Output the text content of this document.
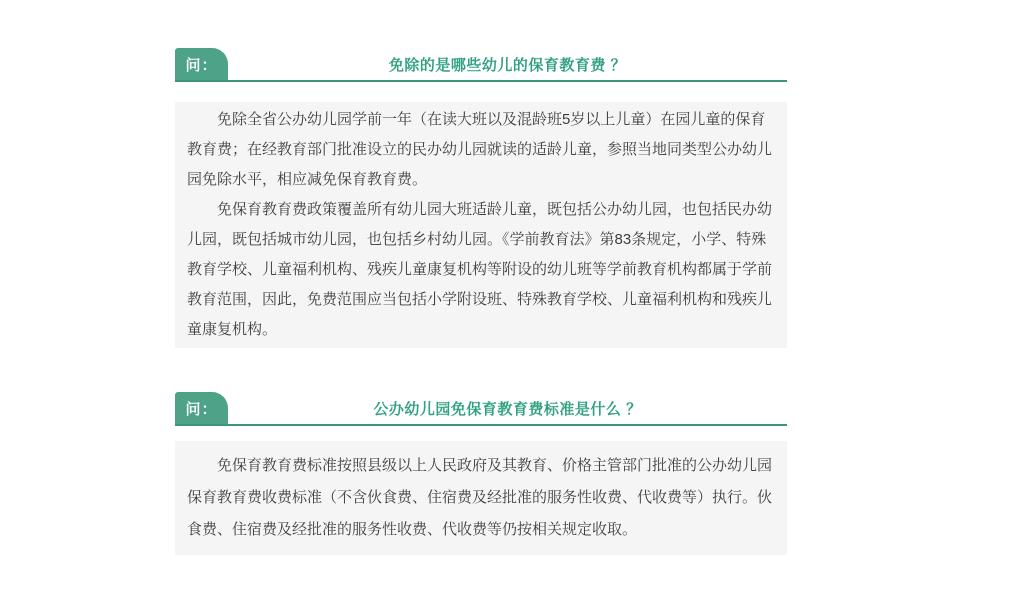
问：	免除的是哪些幼儿的保育教育费 ？

免除全省公办幼儿园学前一年（在读大班以及混龄班5岁以上儿童）在园儿童的保育教育费；在经教育部门批准设立的民办幼儿园就读的适龄儿童，参照当地同类型公办幼儿园免除水平，相应减免保育教育费。

免保育教育费政策覆盖所有幼儿园大班适龄儿童，既包括公办幼儿园，也包括民办幼儿园，既包括城市幼儿园，也包括乡村幼儿园。《学前教育法》第83条规定，小学、特殊教育学校、儿童福利机构、残疾儿童康复机构等附设的幼儿班等学前教育机构都属于学前教育范围，因此，免费范围应当包括小学附设班、特殊教育学校、儿童福利机构和残疾儿童康复机构。

问：	公办幼儿园免保育教育费标准是什么 ？

免保育教育费标准按照县级以上人民政府及其教育、价格主管部门批准的公办幼儿园保育教育费收费标准（不含伙食费、住宿费及经批准的服务性收费、代收费等）执行。伙食费、住宿费及经批准的服务性收费、代收费等仍按相关规定收取。
